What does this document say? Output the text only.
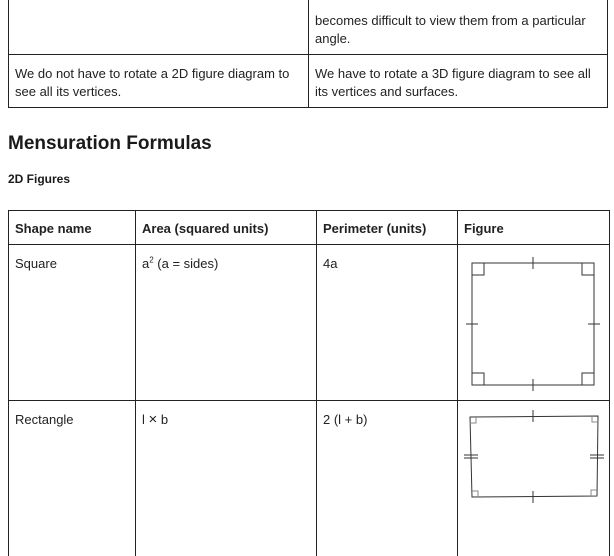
	becomes difficult to view them from a particular angle.
We do not have to rotate a 2D figure diagram to see all its vertices.	We have to rotate a 3D figure diagram to see all its vertices and surfaces.
Mensuration Formulas

2D Figures

Shape name	Area (squared units)	Perimeter (units)	Figure
Square	$a^2$ (a = sides)	4a	

Rectangle	l × b	2 (l + b)	
